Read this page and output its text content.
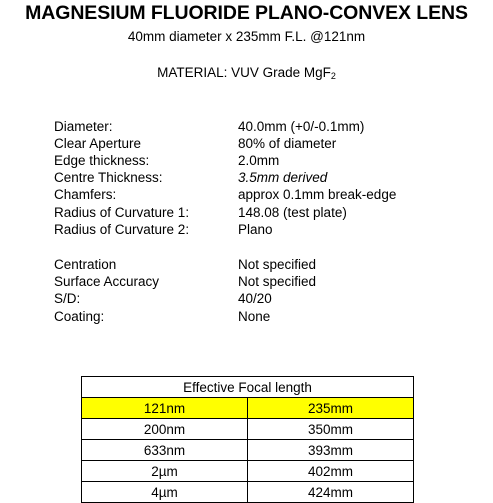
MAGNESIUM FLUORIDE PLANO-CONVEX LENS
40mm diameter x 235mm F.L. @121nm
MATERIAL: VUV Grade MgF$_2$
Diameter:	40.0mm (+0/-0.1mm)
Clear Aperture	80% of diameter
Edge thickness:	2.0mm
Centre Thickness:	3.5mm derived
Chamfers:	approx 0.1mm break-edge
Radius of Curvature 1:	148.08 (test plate)
Radius of Curvature 2:	Plano
Centration	Not specified
Surface Accuracy	Not specified
S/D:	40/20
Coating:	None
Effective Focal length	
121nm	235mm
200nm	350mm
633nm	393mm
2µm	402mm
4µm	424mm
